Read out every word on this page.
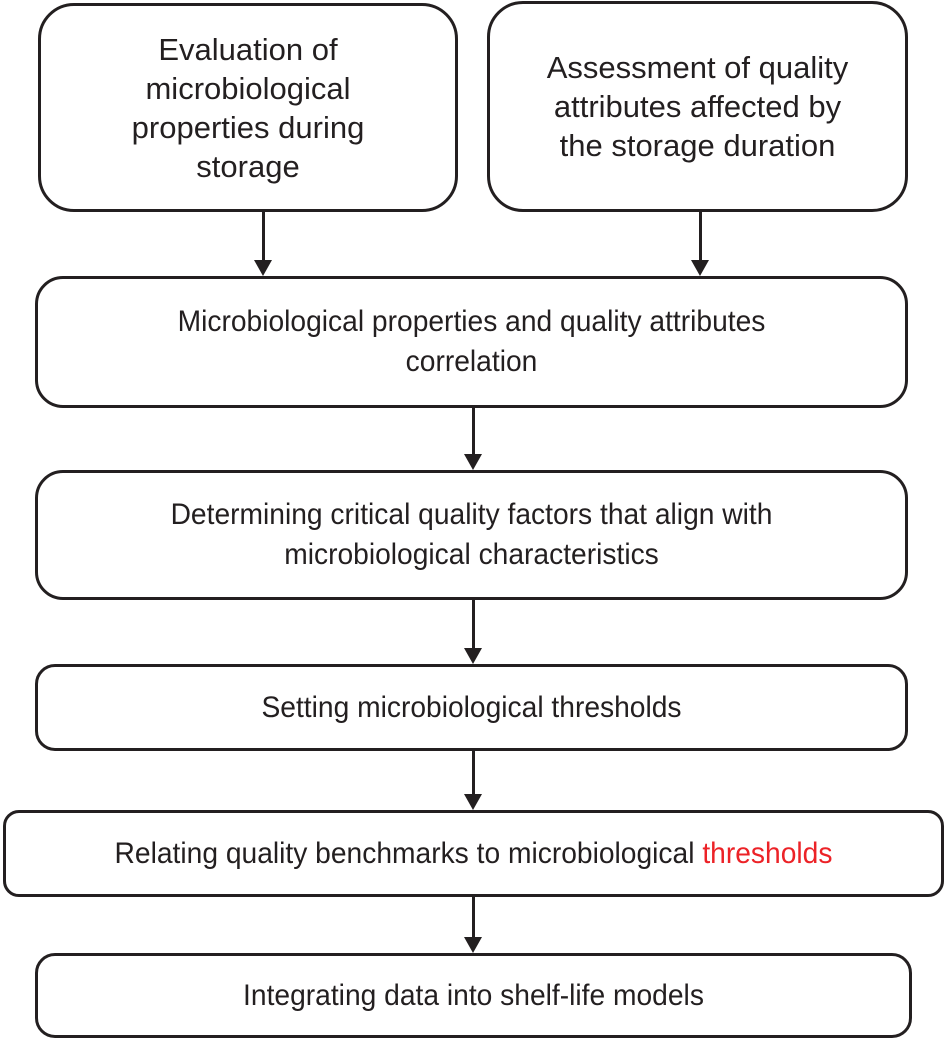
Evaluation of
microbiological
properties during
storage
Assessment of quality
attributes affected by
the storage duration
Microbiological properties and quality attributes
correlation
Determining critical quality factors that align with
microbiological characteristics
Setting microbiological thresholds
Relating quality benchmarks to microbiological thresholds
Integrating data into shelf-life models
